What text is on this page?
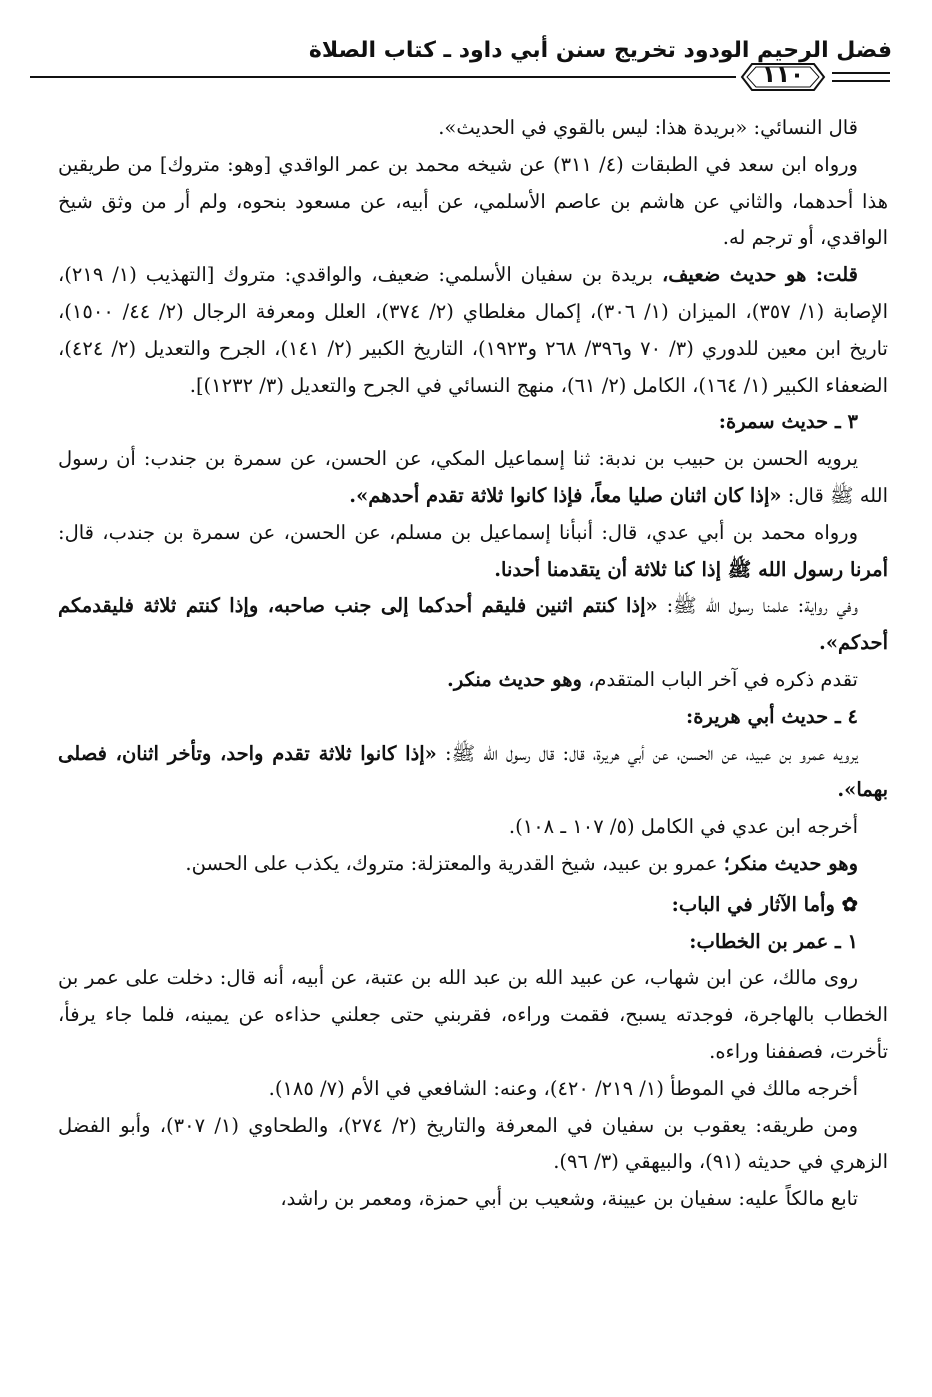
فضل الرحيم الودود تخريج سنن أبي داود ـ كتاب الصلاة
١١٠

قال النسائي: «بريدة هذا: ليس بالقوي في الحديث».

ورواه ابن سعد في الطبقات (٤/ ٣١١) عن شيخه محمد بن عمر الواقدي [وهو: متروك] من طريقين هذا أحدهما، والثاني عن هاشم بن عاصم الأسلمي، عن أبيه، عن مسعود بنحوه، ولم أر من وثق شيخ الواقدي، أو ترجم له.

قلت: هو حديث ضعيف، بريدة بن سفيان الأسلمي: ضعيف، والواقدي: متروك [التهذيب (١/ ٢١٩)، الإصابة (١/ ٣٥٧)، الميزان (١/ ٣٠٦)، إكمال مغلطاي (٢/ ٣٧٤)، العلل ومعرفة الرجال (٢/ ٤٤/ ١٥٠٠)، تاريخ ابن معين للدوري (٣/ ٧٠ و٣٩٦/ ٢٦٨ و١٩٢٣)، التاريخ الكبير (٢/ ١٤١)، الجرح والتعديل (٢/ ٤٢٤)، الضعفاء الكبير (١/ ١٦٤)، الكامل (٢/ ٦١)، منهج النسائي في الجرح والتعديل (٣/ ١٢٣٢)].

٣ ـ حديث سمرة:

يرويه الحسن بن حبيب بن ندبة: ثنا إسماعيل المكي، عن الحسن، عن سمرة بن جندب: أن رسول الله ﷺ قال: «إذا كان اثنان صليا معاً، فإذا كانوا ثلاثة تقدم أحدهم».

ورواه محمد بن أبي عدي، قال: أنبأنا إسماعيل بن مسلم، عن الحسن، عن سمرة بن جندب، قال: أمرنا رسول الله ﷺ إذا كنا ثلاثة أن يتقدمنا أحدنا.

وفي رواية: علمنا رسول الله ﷺ: «إذا كنتم اثنين فليقم أحدكما إلى جنب صاحبه، وإذا كنتم ثلاثة فليقدمكم أحدكم».

تقدم ذكره في آخر الباب المتقدم، وهو حديث منكر.

٤ ـ حديث أبي هريرة:

يرويه عمرو بن عبيد، عن الحسن، عن أبي هريرة، قال: قال رسول الله ﷺ: «إذا كانوا ثلاثة تقدم واحد، وتأخر اثنان، فصلى بهما».

أخرجه ابن عدي في الكامل (٥/ ١٠٧ ـ ١٠٨).

وهو حديث منكر؛ عمرو بن عبيد، شيخ القدرية والمعتزلة: متروك، يكذب على الحسن.

✿ وأما الآثار في الباب:

١ ـ عمر بن الخطاب:

روى مالك، عن ابن شهاب، عن عبيد الله بن عبد الله بن عتبة، عن أبيه، أنه قال: دخلت على عمر بن الخطاب بالهاجرة، فوجدته يسبح، فقمت وراءه، فقربني حتى جعلني حذاءه عن يمينه، فلما جاء يرفأ، تأخرت، فصففنا وراءه.

أخرجه مالك في الموطأ (١/ ٢١٩/ ٤٢٠)، وعنه: الشافعي في الأم (٧/ ١٨٥).

ومن طريقه: يعقوب بن سفيان في المعرفة والتاريخ (٢/ ٢٧٤)، والطحاوي (١/ ٣٠٧)، وأبو الفضل الزهري في حديثه (٩١)، والبيهقي (٣/ ٩٦).

تابع مالكاً عليه: سفيان بن عيينة، وشعيب بن أبي حمزة، ومعمر بن راشد،
